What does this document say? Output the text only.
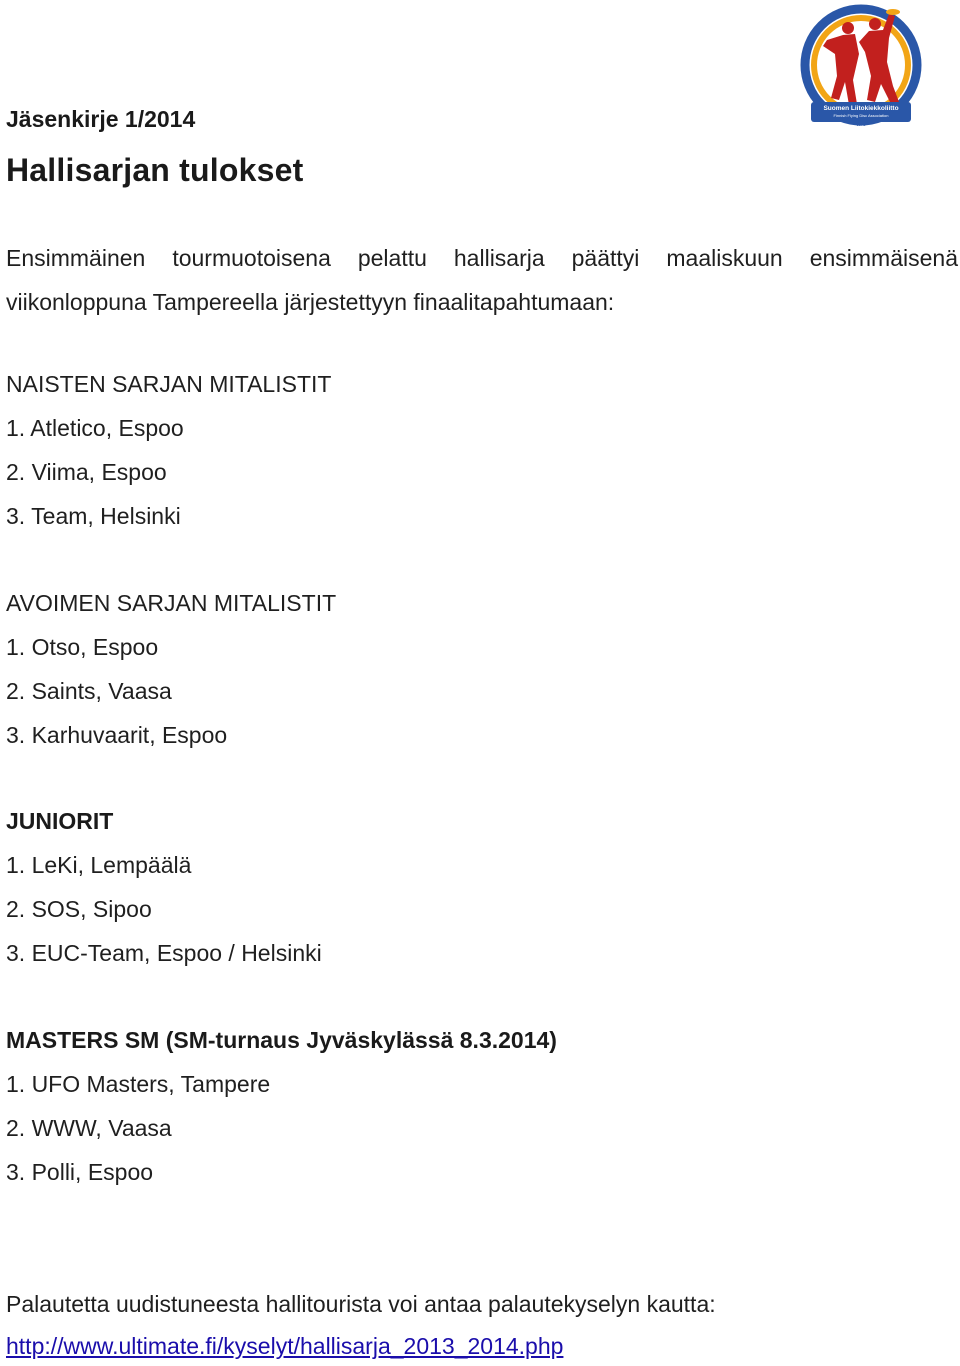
Suomen Liitokiekkoliitto
Finnish Flying Disc Association
1978
Jäsenkirje 1/2014
Hallisarjan tulokset

Ensimmäinen tourmuotoisena pelattu hallisarja päättyi maaliskuun ensimmäisenä viikonloppuna Tampereella järjestettyyn finaalitapahtumaan:

NAISTEN SARJAN MITALISTIT

1. Atletico, Espoo
2. Viima, Espoo
3. Team, Helsinki

AVOIMEN SARJAN MITALISTIT

1. Otso, Espoo
2. Saints, Vaasa
3. Karhuvaarit, Espoo

JUNIORIT

1. LeKi, Lempäälä
2. SOS, Sipoo
3. EUC-Team, Espoo / Helsinki

MASTERS SM (SM-turnaus Jyväskylässä 8.3.2014)

1. UFO Masters, Tampere
2. WWW, Vaasa
3. Polli, Espoo

Palautetta uudistuneesta hallitourista voi antaa palautekyselyn kautta:

http://www.ultimate.fi/kyselyt/hallisarja_2013_2014.php
